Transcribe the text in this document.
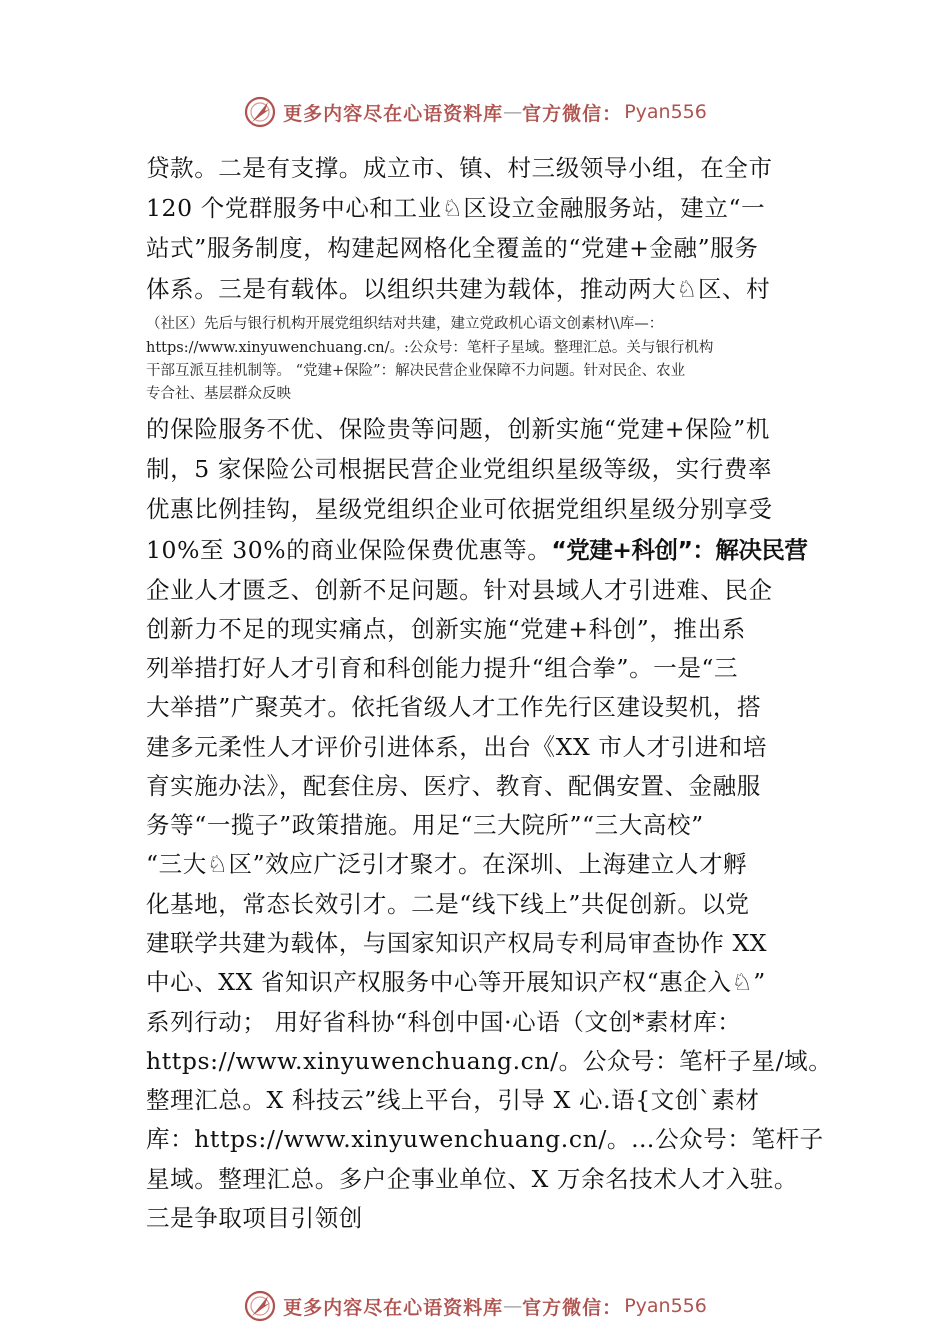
更多内容尽在心语资料库 — 官方微信： Pyan556
贷款。二是有支撑。成立市、镇、村三级领导小组，在全市
120 个党群服务中心和工业♘区设立金融服务站，建立“一
站式”服务制度，构建起网格化全覆盖的“党建+金融”服务
体系。三是有载体。以组织共建为载体，推动两大♘区、村
（社区）先后与银行机构开展党组织结对共建，建立党政机心语文创素材\\库—：
https://www.xinyuwenchuang.cn/。:公众号：笔杆子星域。整理汇总。关与银行机构
干部互派互挂机制等。 “党建+保险”：解决民营企业保障不力问题。针对民企、农业
专合社、基层群众反映
的保险服务不优、保险贵等问题，创新实施“党建+保险”机
制，5 家保险公司根据民营企业党组织星级等级，实行费率
优惠比例挂钩，星级党组织企业可依据党组织星级分别享受
10%至 30%的商业保险保费优惠等。“党建+科创”：解决民营
企业人才匮乏、创新不足问题。针对县域人才引进难、民企
创新力不足的现实痛点，创新实施“党建+科创”，推出系
列举措打好人才引育和科创能力提升“组合拳”。一是“三
大举措”广聚英才。依托省级人才工作先行区建设契机，搭
建多元柔性人才评价引进体系，出台《XX 市人才引进和培
育实施办法》，配套住房、医疗、教育、配偶安置、金融服
务等“一揽子”政策措施。用足“三大院所”“三大高校”
“三大♘区”效应广泛引才聚才。在深圳、上海建立人才孵
化基地，常态长效引才。二是“线下线上”共促创新。以党
建联学共建为载体，与国家知识产权局专利局审查协作 XX
中心、XX 省知识产权服务中心等开展知识产权“惠企入♘”
系列行动； 用好省科协“科创中国·心语（文创*素材库：
https://www.xinyuwenchuang.cn/。公众号：笔杆子星/域。
整理汇总。X 科技云”线上平台，引导 X 心.语{文创`素材
库：https://www.xinyuwenchuang.cn/。…公众号：笔杆子
星域。整理汇总。多户企事业单位、X 万余名技术人才入驻。
三是争取项目引领创
更多内容尽在心语资料库 — 官方微信： Pyan556
